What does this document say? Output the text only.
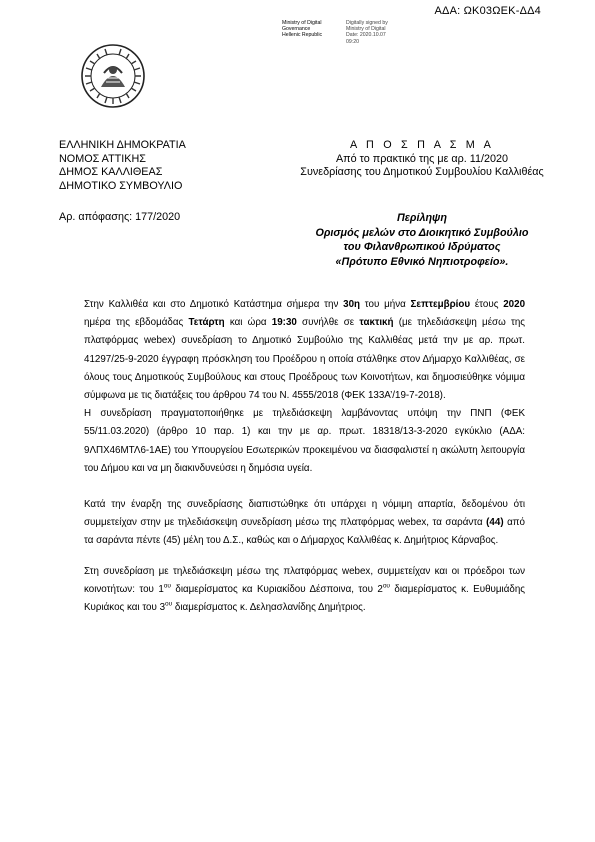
ΑΔΑ: ΩΚ03ΩΕΚ-ΔΔ4
Ministry of Digital
Governance
Hellenic Republic
Digitally signed by
Ministry of Digital
Date: 2020.10.07
09:20
ΕΛΛΗΝΙΚΗ ΔΗΜΟΚΡΑΤΙΑ
ΝΟΜΟΣ ΑΤΤΙΚΗΣ
ΔΗΜΟΣ ΚΑΛΛΙΘΕΑΣ
ΔΗΜΟΤΙΚΟ ΣΥΜΒΟΥΛΙΟ
Α Π Ο Σ Π Α Σ Μ Α
Από το πρακτικό της με αρ. 11/2020
Συνεδρίασης του Δημοτικού Συμβουλίου Καλλιθέας
Αρ. απόφασης: 177/2020	Περίληψη
Ορισμός μελών στο Διοικητικό Συμβούλιο
του Φιλανθρωπικού Ιδρύματος
«Πρότυπο Εθνικό Νηπιοτροφείο».

Στην Καλλιθέα και στο Δημοτικό Κατάστημα σήμερα την 30η του μήνα Σεπτεμβρίου έτους 2020 ημέρα της εβδομάδας Τετάρτη και ώρα 19:30 συνήλθε σε τακτική (με τηλεδιάσκεψη μέσω της πλατφόρμας webex) συνεδρίαση το Δημοτικό Συμβούλιο της Καλλιθέας μετά την με αρ. πρωτ. 41297/25-9-2020 έγγραφη πρόσκληση του Προέδρου η οποία στάλθηκε στον Δήμαρχο Καλλιθέας, σε όλους τους Δημοτικούς Συμβούλους και στους Προέδρους των Κοινοτήτων, και δημοσιεύθηκε νόμιμα σύμφωνα με τις διατάξεις του άρθρου 74 του Ν. 4555/2018 (ΦΕΚ 133Α’/19-7-2018).

Η συνεδρίαση πραγματοποιήθηκε με τηλεδιάσκεψη λαμβάνοντας υπόψη την ΠΝΠ (ΦΕΚ 55/11.03.2020) (άρθρο 10 παρ. 1) και την με αρ. πρωτ. 18318/13-3-2020 εγκύκλιο (ΑΔΑ: 9ΛΠΧ46ΜΤΛ6-1ΑΕ) του Υπουργείου Εσωτερικών προκειμένου να διασφαλιστεί η ακώλυτη λειτουργία του Δήμου και να μη διακινδυνεύσει η δημόσια υγεία.

Κατά την έναρξη της συνεδρίασης διαπιστώθηκε ότι υπάρχει η νόμιμη απαρτία, δεδομένου ότι συμμετείχαν στην με τηλεδιάσκεψη συνεδρίαση μέσω της πλατφόρμας webex, τα σαράντα (44) από τα σαράντα πέντε (45) μέλη του Δ.Σ., καθώς και ο Δήμαρχος Καλλιθέας κ. Δημήτριος Κάρναβος.

Στη συνεδρίαση με τηλεδιάσκεψη μέσω της πλατφόρμας webex, συμμετείχαν και οι πρόεδροι των κοινοτήτων: του $1^{o\upsilon}$ διαμερίσματος κα Κυριακίδου Δέσποινα, του $2^{o\upsilon}$ διαμερίσματος κ. Ευθυμιάδης Κυριάκος και του $3^{o\upsilon}$ διαμερίσματος κ. Δεληασλανίδης Δημήτριος.
